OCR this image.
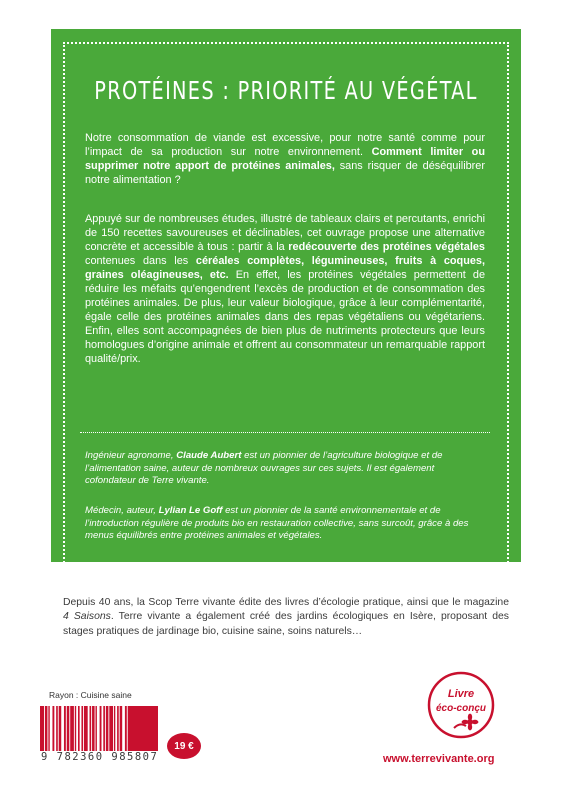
PROTÉINES : PRIORITÉ AU VÉGÉTAL

Notre consommation de viande est excessive, pour notre santé comme pour l’impact de sa production sur notre environnement. Comment limiter ou supprimer notre apport de protéines animales, sans risquer de déséquilibrer notre alimentation ?

Appuyé sur de nombreuses études, illustré de tableaux clairs et percutants, enrichi de 150 recettes savoureuses et déclinables, cet ouvrage propose une alternative concrète et accessible à tous : partir à la redécouverte des protéines végétales contenues dans les céréales complètes, légumineuses, fruits à coques, graines oléagineuses, etc. En effet, les protéines végétales permettent de réduire les méfaits qu’engendrent l’excès de production et de consommation des protéines animales. De plus, leur valeur biologique, grâce à leur complémentarité, égale celle des protéines animales dans des repas végétaliens ou végétariens. Enfin, elles sont accompagnées de bien plus de nutriments protecteurs que leurs homologues d’origine animale et offrent au consommateur un remarquable rapport qualité/prix.

Ingénieur agronome, Claude Aubert est un pionnier de l’agriculture biologique et de l’alimentation saine, auteur de nombreux ouvrages sur ces sujets. Il est également cofondateur de Terre vivante.

Médecin, auteur, Lylian Le Goff est un pionnier de la santé environnementale et de l’introduction régulière de produits bio en restauration collective, sans surcoût, grâce à des menus équilibrés entre protéines animales et végétales.

Depuis 40 ans, la Scop Terre vivante édite des livres d’écologie pratique, ainsi que le magazine 4 Saisons. Terre vivante a également créé des jardins écologiques en Isère, proposant des stages pratiques de jardinage bio, cuisine saine, soins naturels…

Rayon : Cuisine saine
9 782360 985807
19 €
Livre
éco-conçu
www.terrevivante.org
